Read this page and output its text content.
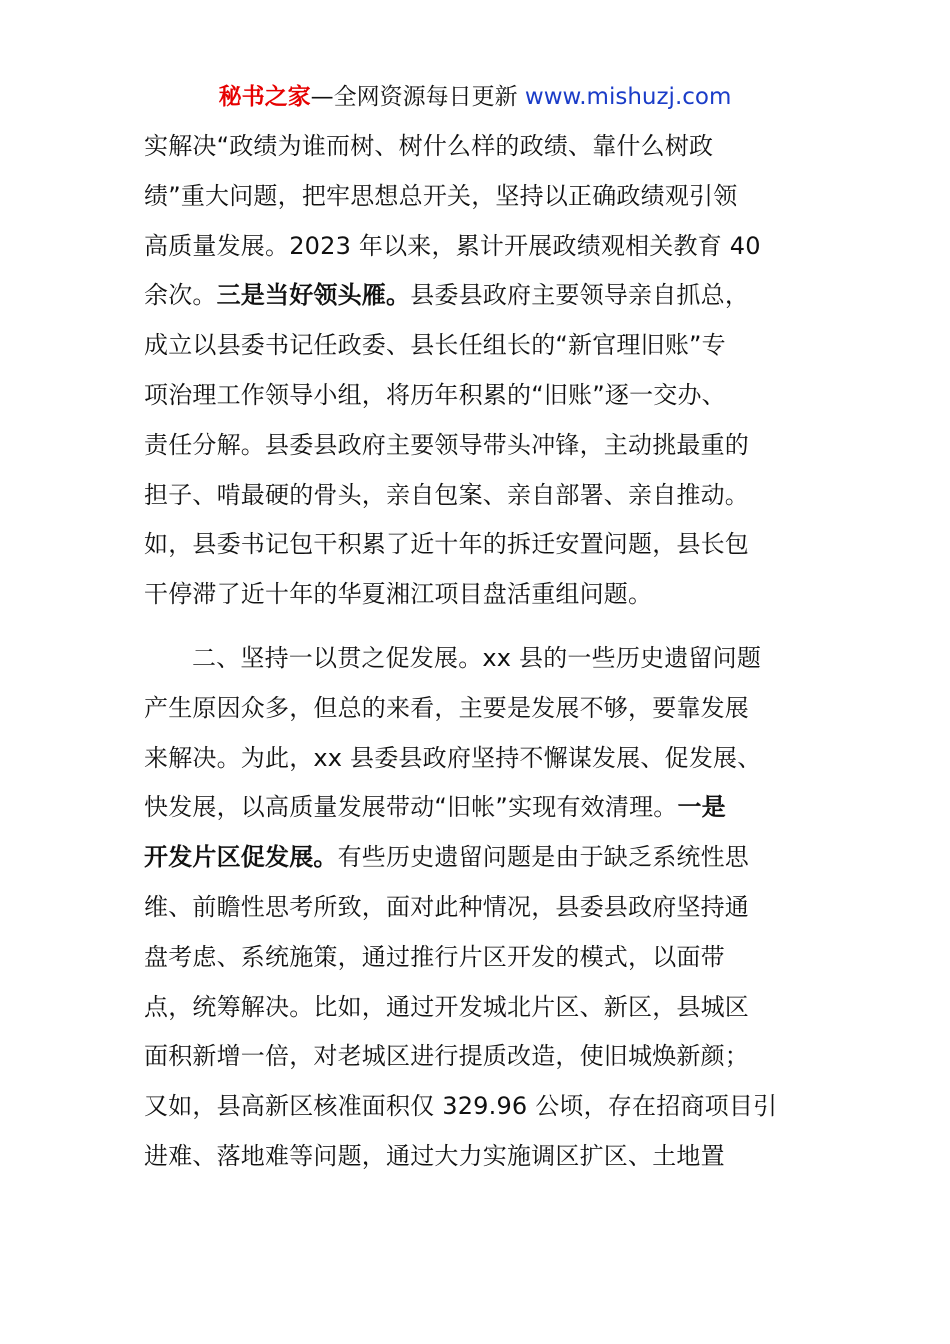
秘书之家—全网资源每日更新 www.mishuzj.com
实解决“政绩为谁而树、树什么样的政绩、靠什么树政
绩”重大问题，把牢思想总开关，坚持以正确政绩观引领
高质量发展。2023 年以来，累计开展政绩观相关教育 40
余次。三是当好领头雁。县委县政府主要领导亲自抓总，
成立以县委书记任政委、县长任组长的“新官理旧账”专
项治理工作领导小组，将历年积累的“旧账”逐一交办、
责任分解。县委县政府主要领导带头冲锋，主动挑最重的
担子、啃最硬的骨头，亲自包案、亲自部署、亲自推动。
如，县委书记包干积累了近十年的拆迁安置问题，县长包
干停滞了近十年的华夏湘江项目盘活重组问题。
二、坚持一以贯之促发展。xx 县的一些历史遗留问题
产生原因众多，但总的来看，主要是发展不够，要靠发展
来解决。为此，xx 县委县政府坚持不懈谋发展、促发展、
快发展，以高质量发展带动“旧帐”实现有效清理。一是
开发片区促发展。有些历史遗留问题是由于缺乏系统性思
维、前瞻性思考所致，面对此种情况，县委县政府坚持通
盘考虑、系统施策，通过推行片区开发的模式，以面带
点，统筹解决。比如，通过开发城北片区、新区，县城区
面积新增一倍，对老城区进行提质改造，使旧城焕新颜；
又如，县高新区核准面积仅 329.96 公顷，存在招商项目引
进难、落地难等问题，通过大力实施调区扩区、土地置
